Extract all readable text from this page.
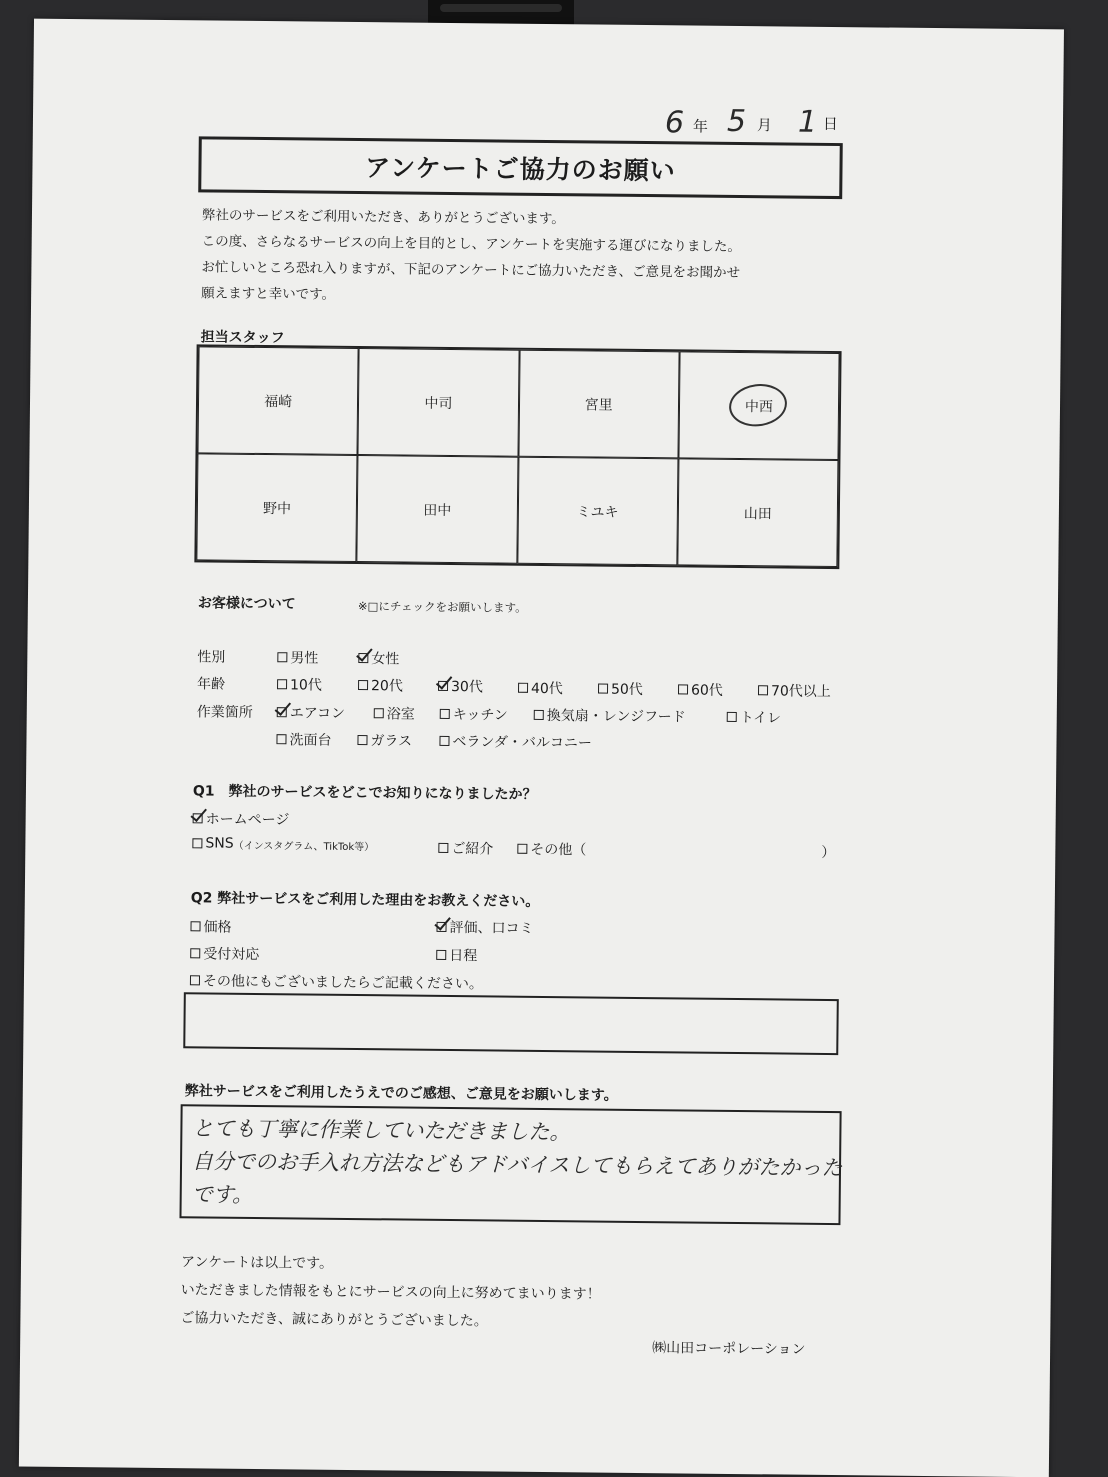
6 年 5 月 1 日
アンケートご協力のお願い
弊社のサービスをご利用いただき、ありがとうございます。
この度、さらなるサービスの向上を目的とし、アンケートを実施する運びになりました。
お忙しいところ恐れ入りますが、下記のアンケートにご協力いただき、ご意見をお聞かせ
願えますと幸いです。
担当スタッフ
福崎	中司	宮里	中西
野中	田中	ミユキ	山田
お客様について	※□にチェックをお願いします。
性別	男性	女性
年齢	10代	20代	30代	40代	50代	60代	70代以上
作業箇所	エアコン	浴室	キッチン	換気扇・レンジフード	トイレ
洗面台	ガラス	ベランダ・バルコニー
Q1　弊社のサービスをどこでお知りになりましたか？
ホームページ
SNS （インスタグラム、TikTok等）	ご紹介	その他（	）
Q2 弊社サービスをご利用した理由をお教えください。
価格	評価、口コミ
受付対応	日程
その他にもございましたらご記載ください。
弊社サービスをご利用したうえでのご感想、ご意見をお願いします。
とても丁寧に作業していただきました。
自分でのお手入れ方法などもアドバイスしてもらえてありがたかった
です。
アンケートは以上です。
いただきました情報をもとにサービスの向上に努めてまいります！
ご協力いただき、誠にありがとうございました。
㈱山田コーポレーション
